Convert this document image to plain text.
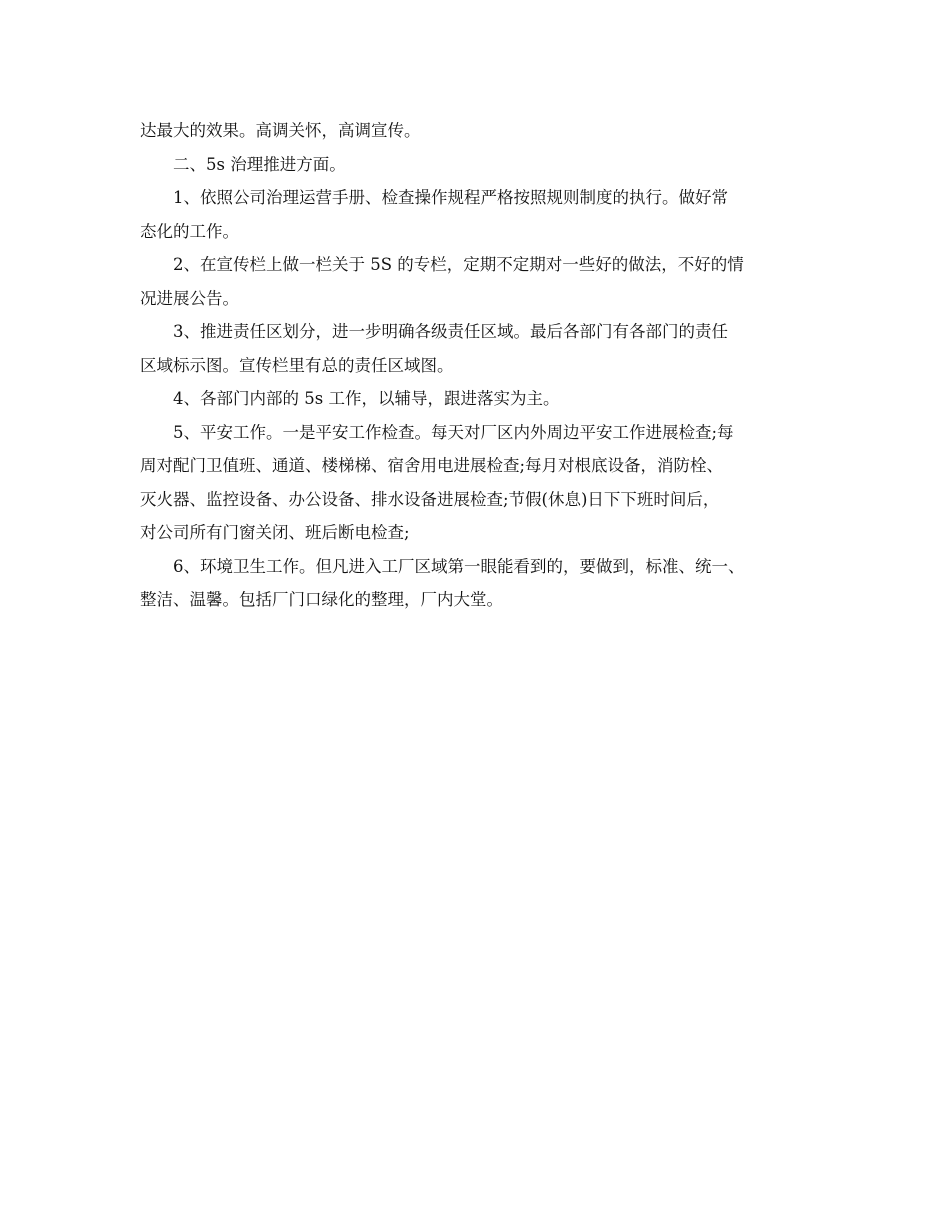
达最大的效果。高调关怀，高调宣传。

二、5s 治理推进方面。

1、依照公司治理运营手册、检查操作规程严格按照规则制度的执行。做好常

态化的工作。

2、在宣传栏上做一栏关于 5S 的专栏，定期不定期对一些好的做法，不好的情

况进展公告。

3、推进责任区划分，进一步明确各级责任区域。最后各部门有各部门的责任

区域标示图。宣传栏里有总的责任区域图。

4、各部门内部的 5s 工作，以辅导，跟进落实为主。

5、平安工作。一是平安工作检查。每天对厂区内外周边平安工作进展检查;每

周对配门卫值班、通道、楼梯梯、宿舍用电进展检查;每月对根底设备，消防栓、

灭火器、监控设备、办公设备、排水设备进展检查;节假(休息)日下下班时间后，

对公司所有门窗关闭、班后断电检查;

6、环境卫生工作。但凡进入工厂区域第一眼能看到的，要做到，标准、统一、

整洁、温馨。包括厂门口绿化的整理，厂内大堂。
